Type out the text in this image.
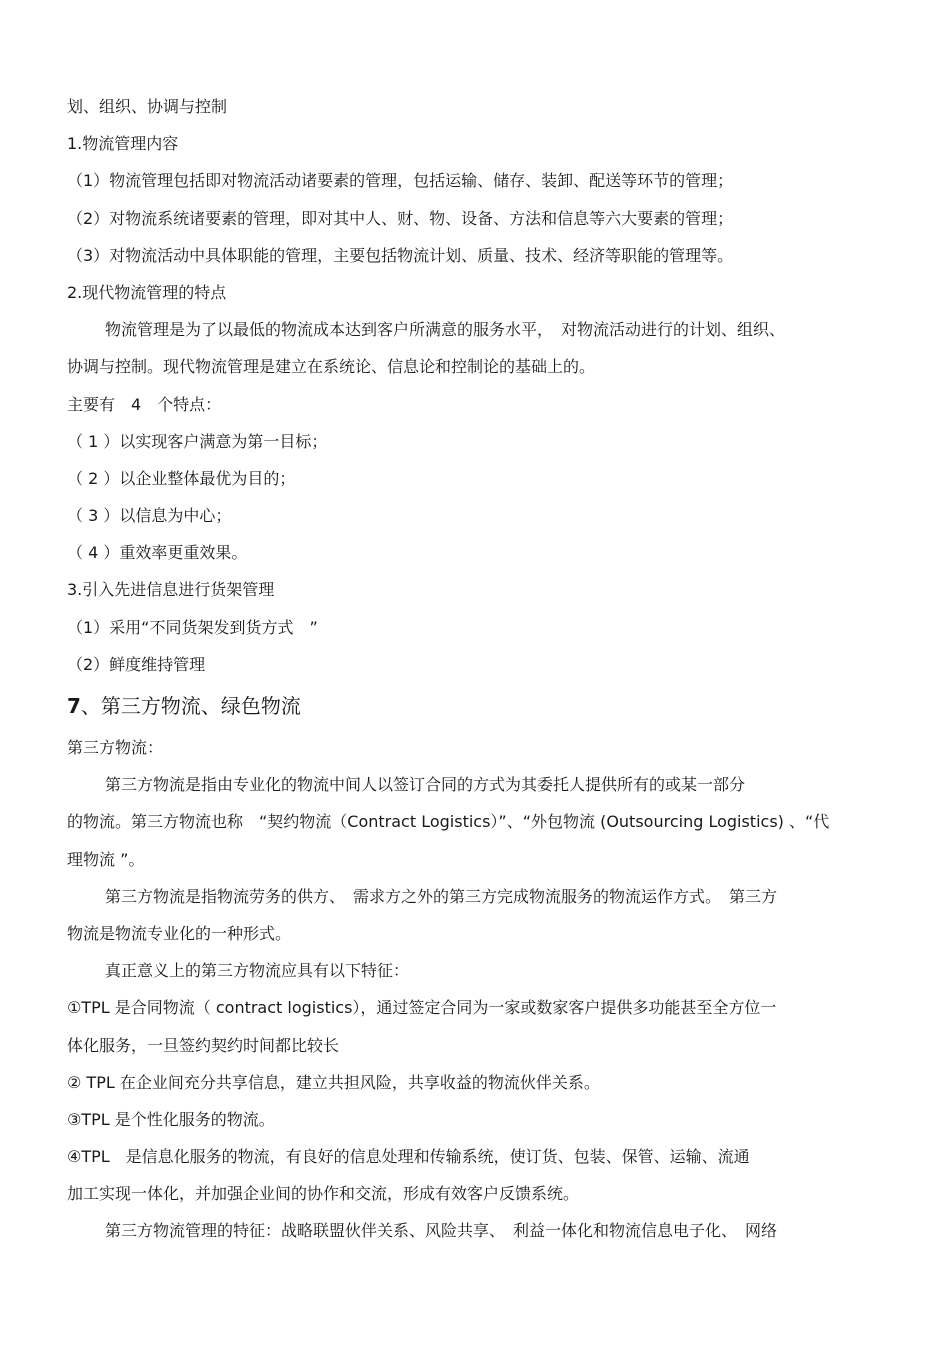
划、组织、协调与控制
1.物流管理内容
（1）物流管理包括即对物流活动诸要素的管理，包括运输、储存、装卸、配送等环节的管理；
（2）对物流系统诸要素的管理，即对其中人、财、物、设备、方法和信息等六大要素的管理；
（3）对物流活动中具体职能的管理，主要包括物流计划、质量、技术、经济等职能的管理等。
2.现代物流管理的特点
物流管理是为了以最低的物流成本达到客户所满意的服务水平，　对物流活动进行的计划、组织、
协调与控制。现代物流管理是建立在系统论、信息论和控制论的基础上的。
主要有　4　个特点：
（ 1 ）以实现客户满意为第一目标；
（ 2 ）以企业整体最优为目的；
（ 3 ）以信息为中心；
（ 4 ）重效率更重效果。
3.引入先进信息进行货架管理
（1）采用“不同货架发到货方式　”
（2）鲜度维持管理
7、第三方物流、绿色物流
第三方物流：
第三方物流是指由专业化的物流中间人以签订合同的方式为其委托人提供所有的或某一部分
的物流。第三方物流也称　“契约物流（Contract Logistics）”、“外包物流 (Outsourcing Logistics) 、“代
理物流 ”。
第三方物流是指物流劳务的供方、　需求方之外的第三方完成物流服务的物流运作方式。　第三方
物流是物流专业化的一种形式。
真正意义上的第三方物流应具有以下特征：
①TPL 是合同物流（ contract logistics），通过签定合同为一家或数家客户提供多功能甚至全方位一
体化服务，一旦签约契约时间都比较长
② TPL 在企业间充分共享信息，建立共担风险，共享收益的物流伙伴关系。
③TPL 是个性化服务的物流。
④TPL　是信息化服务的物流，有良好的信息处理和传输系统，使订货、包装、保管、运输、流通
加工实现一体化，并加强企业间的协作和交流，形成有效客户反馈系统。
第三方物流管理的特征：战略联盟伙伴关系、风险共享、　利益一体化和物流信息电子化、　网络
